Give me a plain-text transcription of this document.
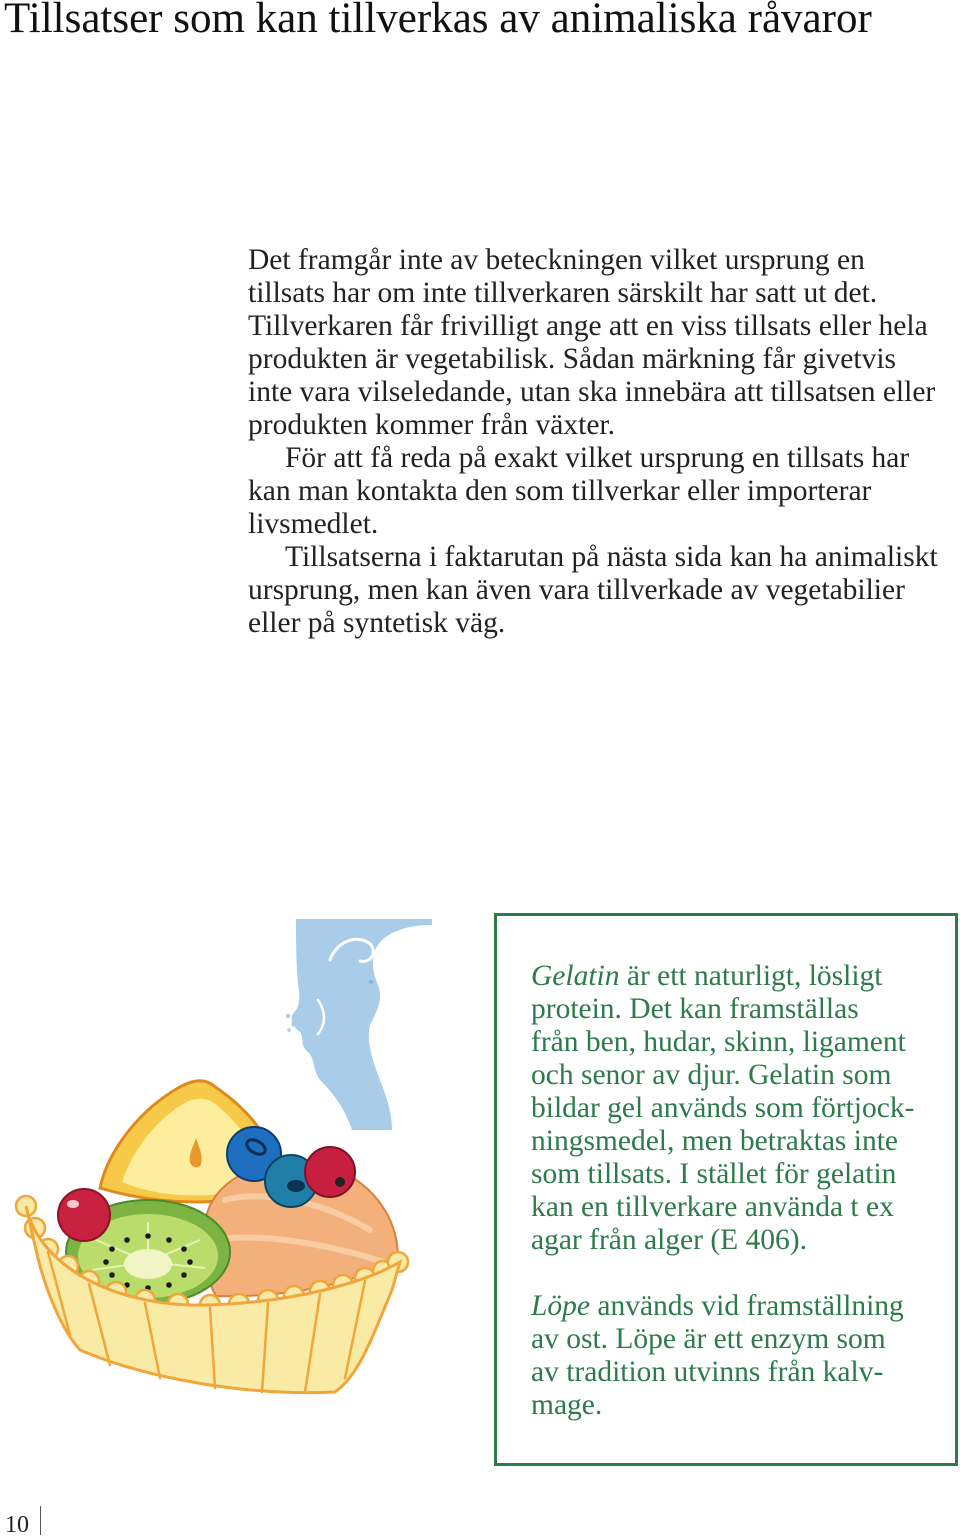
Tillsatser som kan tillverkas av animaliska råvaror
Det framgår inte av beteckningen vilket ursprung en
tillsats har om inte tillverkaren särskilt har satt ut det.
Tillverkaren får frivilligt ange att en viss tillsats eller hela
produkten är vegetabilisk. Sådan märkning får givetvis
inte vara vilseledande, utan ska innebära att tillsatsen eller
produkten kommer från växter.
För att få reda på exakt vilket ursprung en tillsats har
kan man kontakta den som tillverkar eller importerar
livsmedlet.
Tillsatserna i faktarutan på nästa sida kan ha animaliskt
ursprung, men kan även vara tillverkade av vegetabilier
eller på syntetisk väg.
Gelatin är ett naturligt, lösligt
protein. Det kan framställas
från ben, hudar, skinn, ligament
och senor av djur. Gelatin som
bildar gel används som förtjock-
ningsmedel, men betraktas inte
som tillsats. I stället för gelatin
kan en tillverkare använda t ex
agar från alger (E 406).
Löpe används vid framställning
av ost. Löpe är ett enzym som
av tradition utvinns från kalv-
mage.
10
